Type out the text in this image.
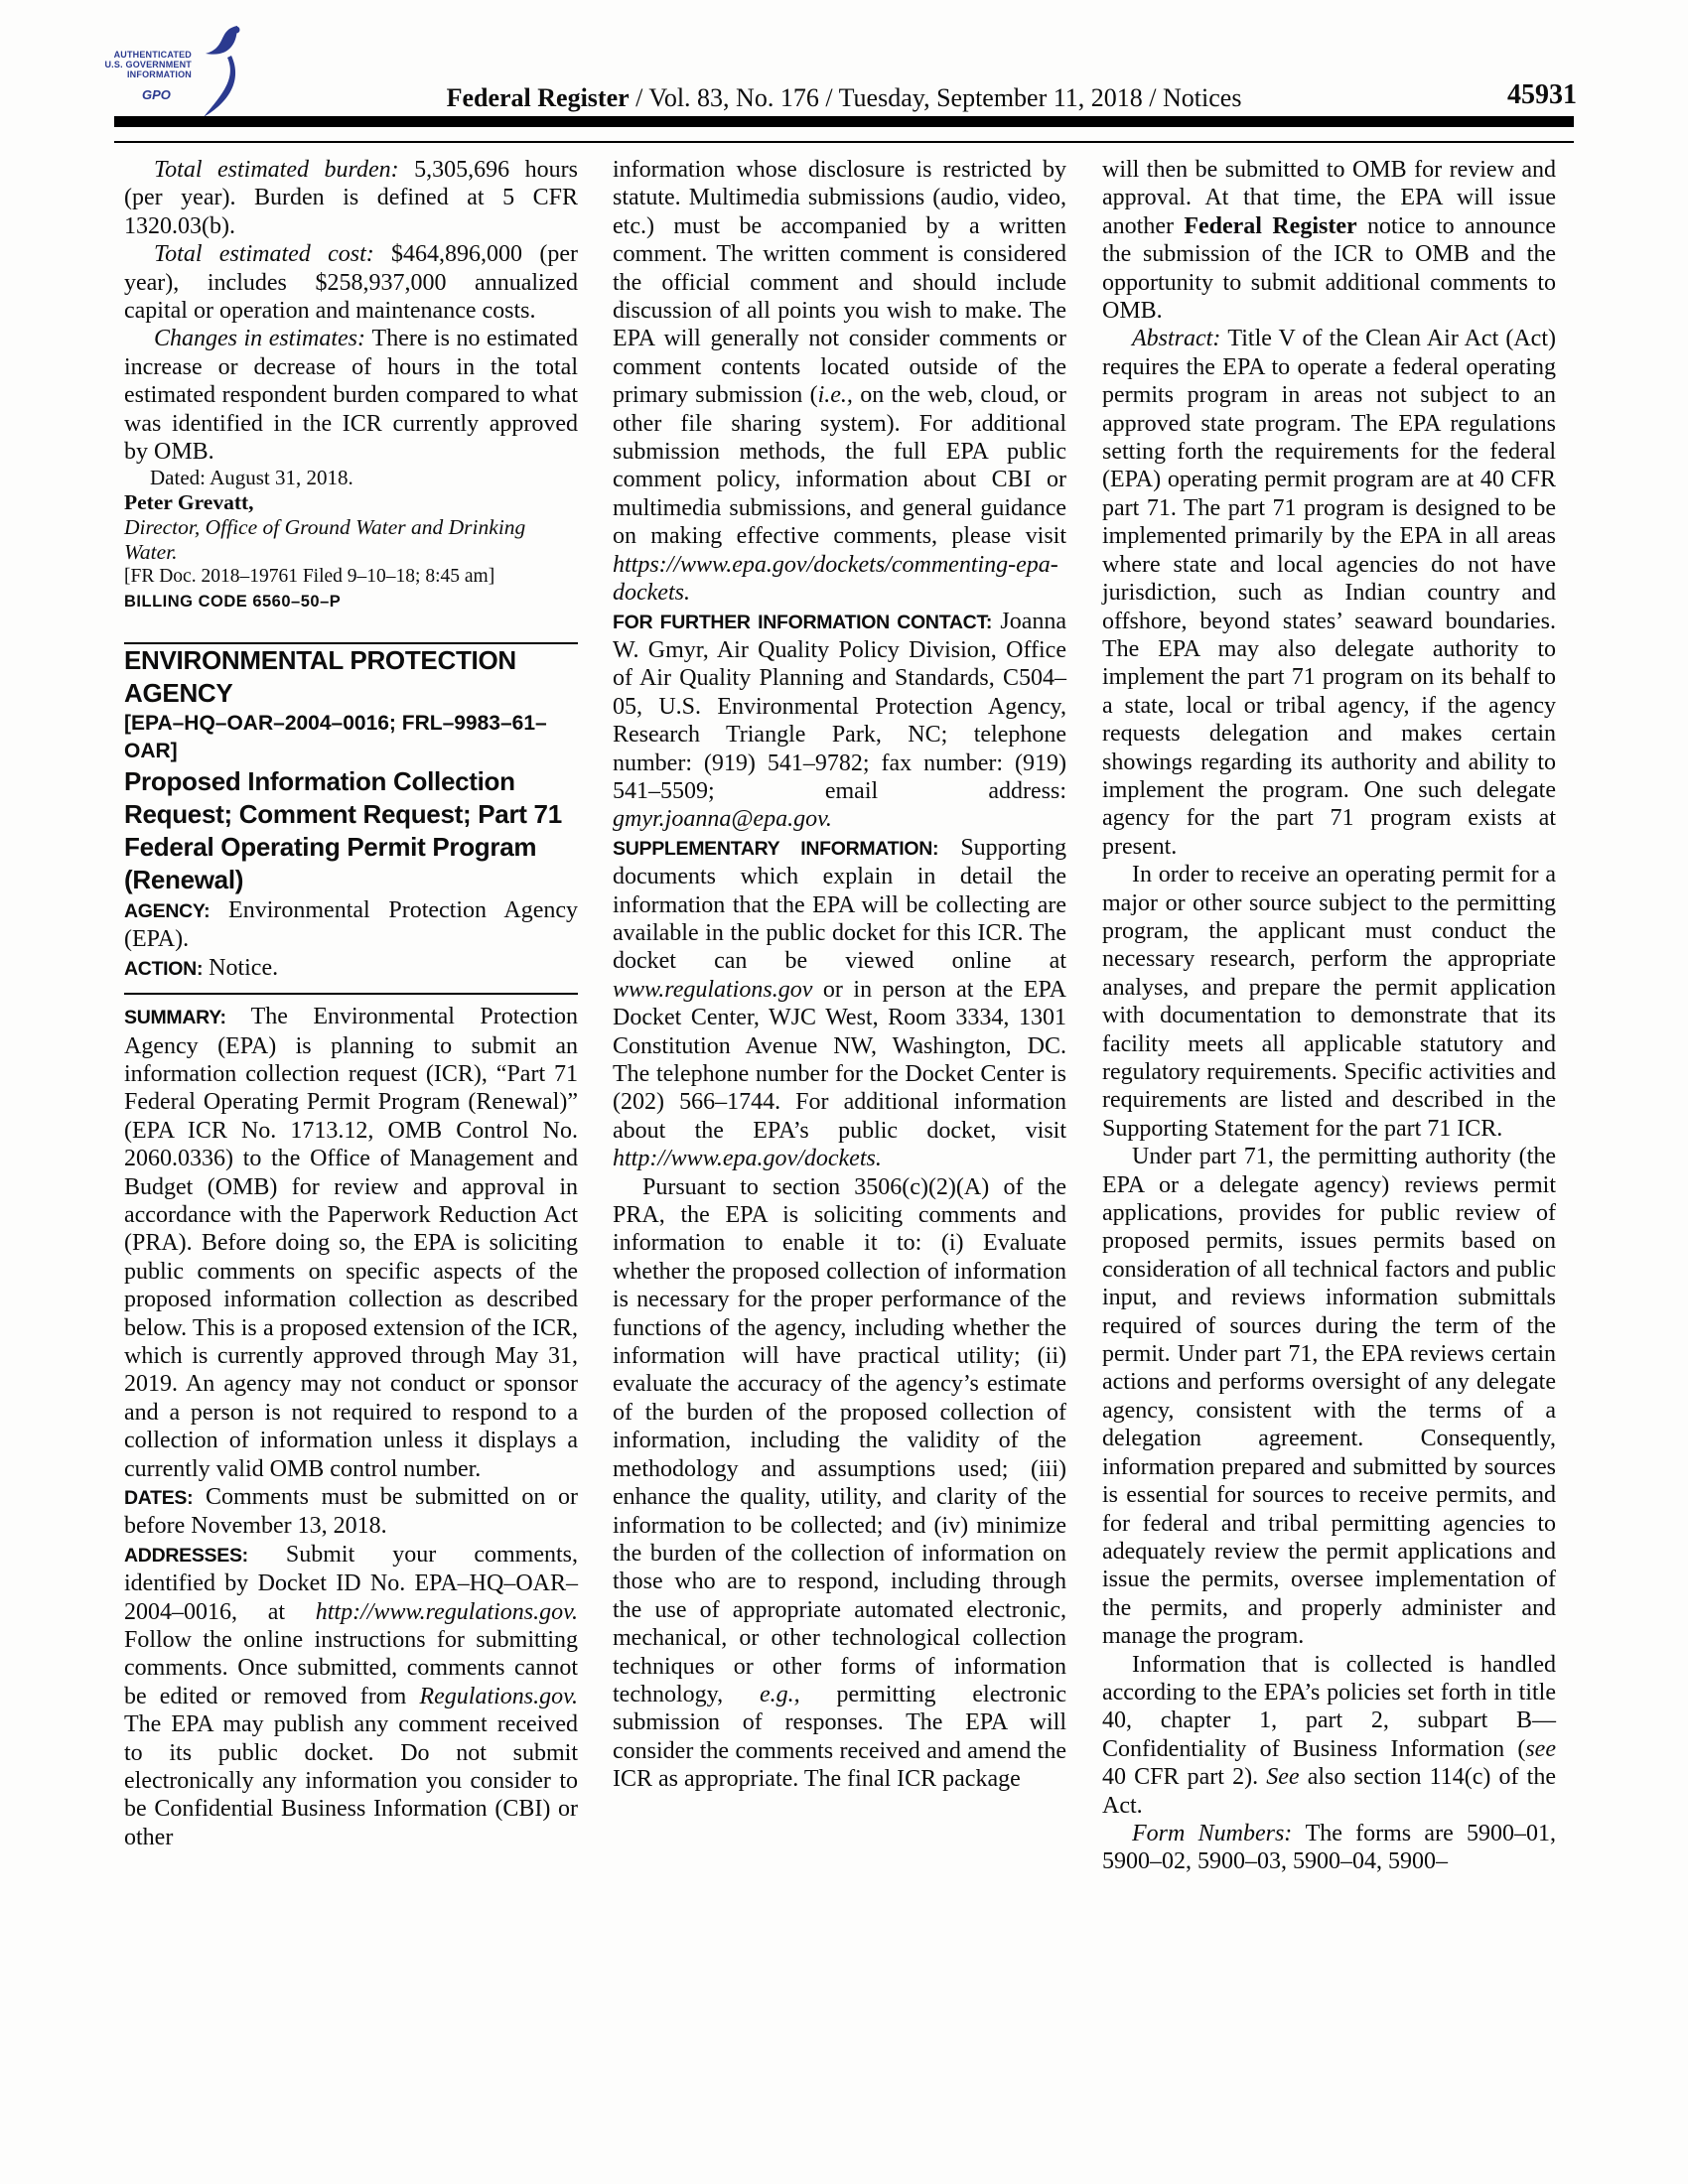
AUTHENTICATED
U.S. GOVERNMENT
INFORMATION
GPO	Federal Register / Vol. 83, No. 176 / Tuesday, September 11, 2018 / Notices	45931

Total estimated burden: 5,305,696 hours (per year). Burden is defined at 5 CFR 1320.03(b).

Total estimated cost: $464,896,000 (per year), includes $258,937,000 annualized capital or operation and maintenance costs.

Changes in estimates: There is no estimated increase or decrease of hours in the total estimated respondent burden compared to what was identified in the ICR currently approved by OMB.

Dated: August 31, 2018.

Peter Grevatt,

Director, Office of Ground Water and Drinking Water.

[FR Doc. 2018–19761 Filed 9–10–18; 8:45 am]

BILLING CODE 6560–50–P

ENVIRONMENTAL PROTECTION AGENCY

[EPA–HQ–OAR–2004–0016; FRL–9983–61–OAR]

Proposed Information Collection Request; Comment Request; Part 71 Federal Operating Permit Program (Renewal)

AGENCY: Environmental Protection Agency (EPA).

ACTION: Notice.

SUMMARY: The Environmental Protection Agency (EPA) is planning to submit an information collection request (ICR), “Part 71 Federal Operating Permit Program (Renewal)” (EPA ICR No. 1713.12, OMB Control No. 2060.0336) to the Office of Management and Budget (OMB) for review and approval in accordance with the Paperwork Reduction Act (PRA). Before doing so, the EPA is soliciting public comments on specific aspects of the proposed information collection as described below. This is a proposed extension of the ICR, which is currently approved through May 31, 2019. An agency may not conduct or sponsor and a person is not required to respond to a collection of information unless it displays a currently valid OMB control number.

DATES: Comments must be submitted on or before November 13, 2018.

ADDRESSES: Submit your comments, identified by Docket ID No. EPA–HQ–OAR–2004–0016, at http://www.regulations.gov. Follow the online instructions for submitting comments. Once submitted, comments cannot be edited or removed from Regulations.gov. The EPA may publish any comment received to its public docket. Do not submit electronically any information you consider to be Confidential Business Information (CBI) or other

information whose disclosure is restricted by statute. Multimedia submissions (audio, video, etc.) must be accompanied by a written comment. The written comment is considered the official comment and should include discussion of all points you wish to make. The EPA will generally not consider comments or comment contents located outside of the primary submission (i.e., on the web, cloud, or other file sharing system). For additional submission methods, the full EPA public comment policy, information about CBI or multimedia submissions, and general guidance on making effective comments, please visit https://www.epa.gov/dockets/commenting-epa-dockets.

FOR FURTHER INFORMATION CONTACT: Joanna W. Gmyr, Air Quality Policy Division, Office of Air Quality Planning and Standards, C504–05, U.S. Environmental Protection Agency, Research Triangle Park, NC; telephone number: (919) 541–9782; fax number: (919) 541–5509; email address: gmyr.joanna@epa.gov.

SUPPLEMENTARY INFORMATION: Supporting documents which explain in detail the information that the EPA will be collecting are available in the public docket for this ICR. The docket can be viewed online at www.regulations.gov or in person at the EPA Docket Center, WJC West, Room 3334, 1301 Constitution Avenue NW, Washington, DC. The telephone number for the Docket Center is (202) 566–1744. For additional information about the EPA’s public docket, visit http://www.epa.gov/dockets.

Pursuant to section 3506(c)(2)(A) of the PRA, the EPA is soliciting comments and information to enable it to: (i) Evaluate whether the proposed collection of information is necessary for the proper performance of the functions of the agency, including whether the information will have practical utility; (ii) evaluate the accuracy of the agency’s estimate of the burden of the proposed collection of information, including the validity of the methodology and assumptions used; (iii) enhance the quality, utility, and clarity of the information to be collected; and (iv) minimize the burden of the collection of information on those who are to respond, including through the use of appropriate automated electronic, mechanical, or other technological collection techniques or other forms of information technology, e.g., permitting electronic submission of responses. The EPA will consider the comments received and amend the ICR as appropriate. The final ICR package

will then be submitted to OMB for review and approval. At that time, the EPA will issue another Federal Register notice to announce the submission of the ICR to OMB and the opportunity to submit additional comments to OMB.

Abstract: Title V of the Clean Air Act (Act) requires the EPA to operate a federal operating permits program in areas not subject to an approved state program. The EPA regulations setting forth the requirements for the federal (EPA) operating permit program are at 40 CFR part 71. The part 71 program is designed to be implemented primarily by the EPA in all areas where state and local agencies do not have jurisdiction, such as Indian country and offshore, beyond states’ seaward boundaries. The EPA may also delegate authority to implement the part 71 program on its behalf to a state, local or tribal agency, if the agency requests delegation and makes certain showings regarding its authority and ability to implement the program. One such delegate agency for the part 71 program exists at present.

In order to receive an operating permit for a major or other source subject to the permitting program, the applicant must conduct the necessary research, perform the appropriate analyses, and prepare the permit application with documentation to demonstrate that its facility meets all applicable statutory and regulatory requirements. Specific activities and requirements are listed and described in the Supporting Statement for the part 71 ICR.

Under part 71, the permitting authority (the EPA or a delegate agency) reviews permit applications, provides for public review of proposed permits, issues permits based on consideration of all technical factors and public input, and reviews information submittals required of sources during the term of the permit. Under part 71, the EPA reviews certain actions and performs oversight of any delegate agency, consistent with the terms of a delegation agreement. Consequently, information prepared and submitted by sources is essential for sources to receive permits, and for federal and tribal permitting agencies to adequately review the permit applications and issue the permits, oversee implementation of the permits, and properly administer and manage the program.

Information that is collected is handled according to the EPA’s policies set forth in title 40, chapter 1, part 2, subpart B—Confidentiality of Business Information (see 40 CFR part 2). See also section 114(c) of the Act.

Form Numbers: The forms are 5900–01, 5900–02, 5900–03, 5900–04, 5900–
